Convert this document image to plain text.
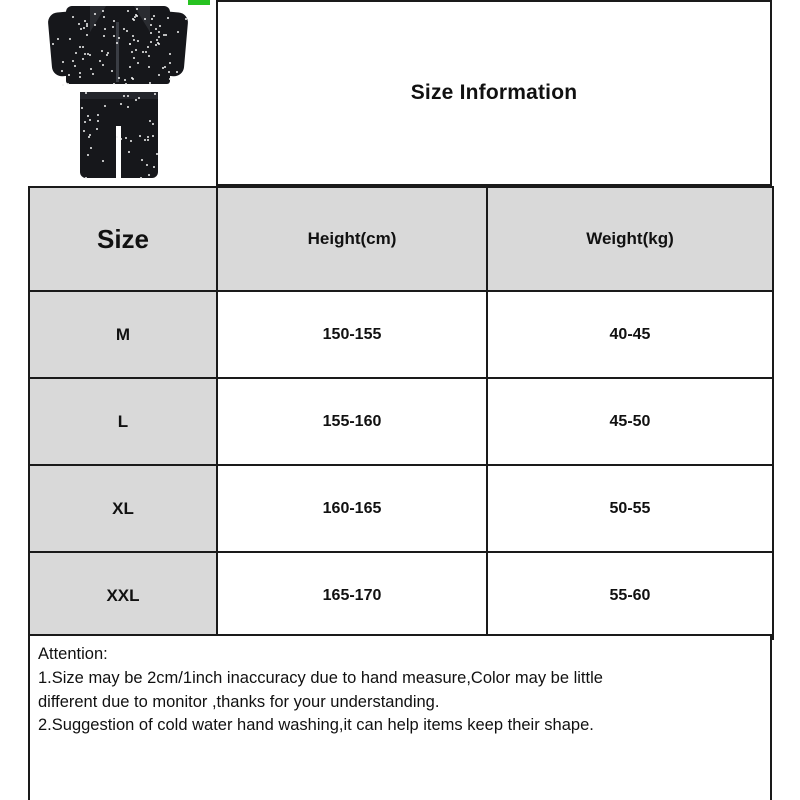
Size Information
Size	Height(cm)	Weight(kg)
M	150-155	40-45
L	155-160	45-50
XL	160-165	50-55
XXL	165-170	55-60

Attention:

1.Size may be 2cm/1inch inaccuracy due to hand measure,Color may be little

different due to monitor ,thanks for your understanding.

2.Suggestion of cold water hand washing,it can help items keep their shape.
